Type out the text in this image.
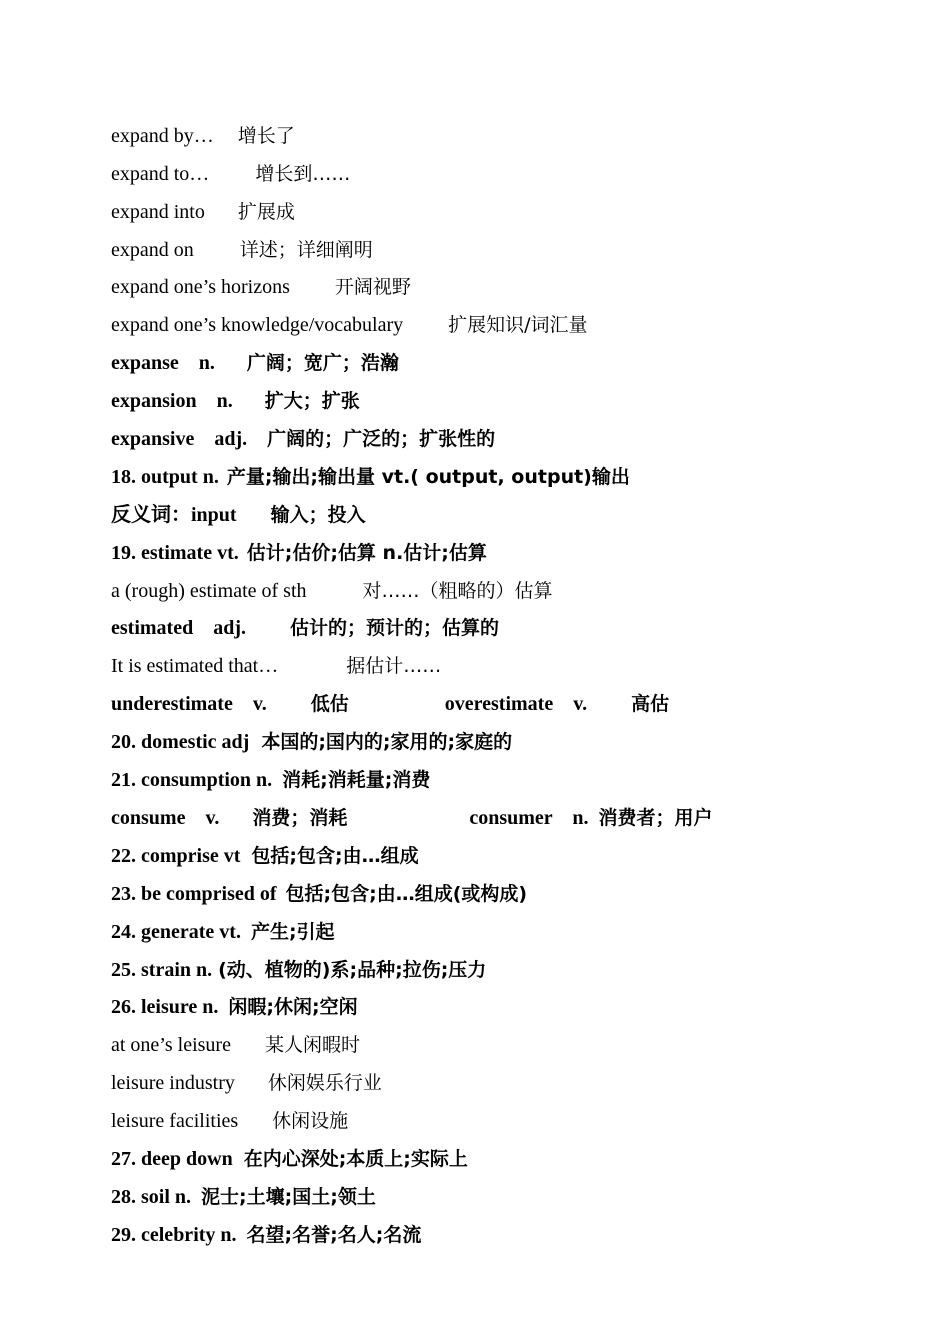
expand by… 增长了

expand to… 增长到……

expand into 扩展成

expand on 详述；详细阐明

expand one’s horizons 开阔视野

expand one’s knowledge/vocabulary 扩展知识/词汇量

expanse    n. 广阔；宽广；浩瀚

expansion    n. 扩大；扩张

expansive    adj. 广阔的；广泛的；扩张性的

18. output n. 产量;输出;输出量 vt.( output, output)输出

反义词：input 输入；投入

19. estimate vt. 估计;估价;估算 n.估计;估算

a (rough) estimate of sth	对……（粗略的）估算

estimated    adj. 估计的；预计的；估算的

It is estimated that…	据估计……

underestimate    v. 低估	overestimate    v. 高估

20. domestic adj 本国的;国内的;家用的;家庭的

21. consumption n. 消耗;消耗量;消费

consume    v. 消费；消耗	consumer    n. 消费者；用户

22. comprise vt 包括;包含;由…组成

23. be comprised of 包括;包含;由…组成(或构成)

24. generate vt. 产生;引起

25. strain n. (动、植物的)系;品种;拉伤;压力

26. leisure n. 闲暇;休闲;空闲

at one’s leisure 某人闲暇时

leisure industry 休闲娱乐行业

leisure facilities 休闲设施

27. deep down 在内心深处;本质上;实际上

28. soil n. 泥士;土壤;国土;领土

29. celebrity n. 名望;名誉;名人;名流
